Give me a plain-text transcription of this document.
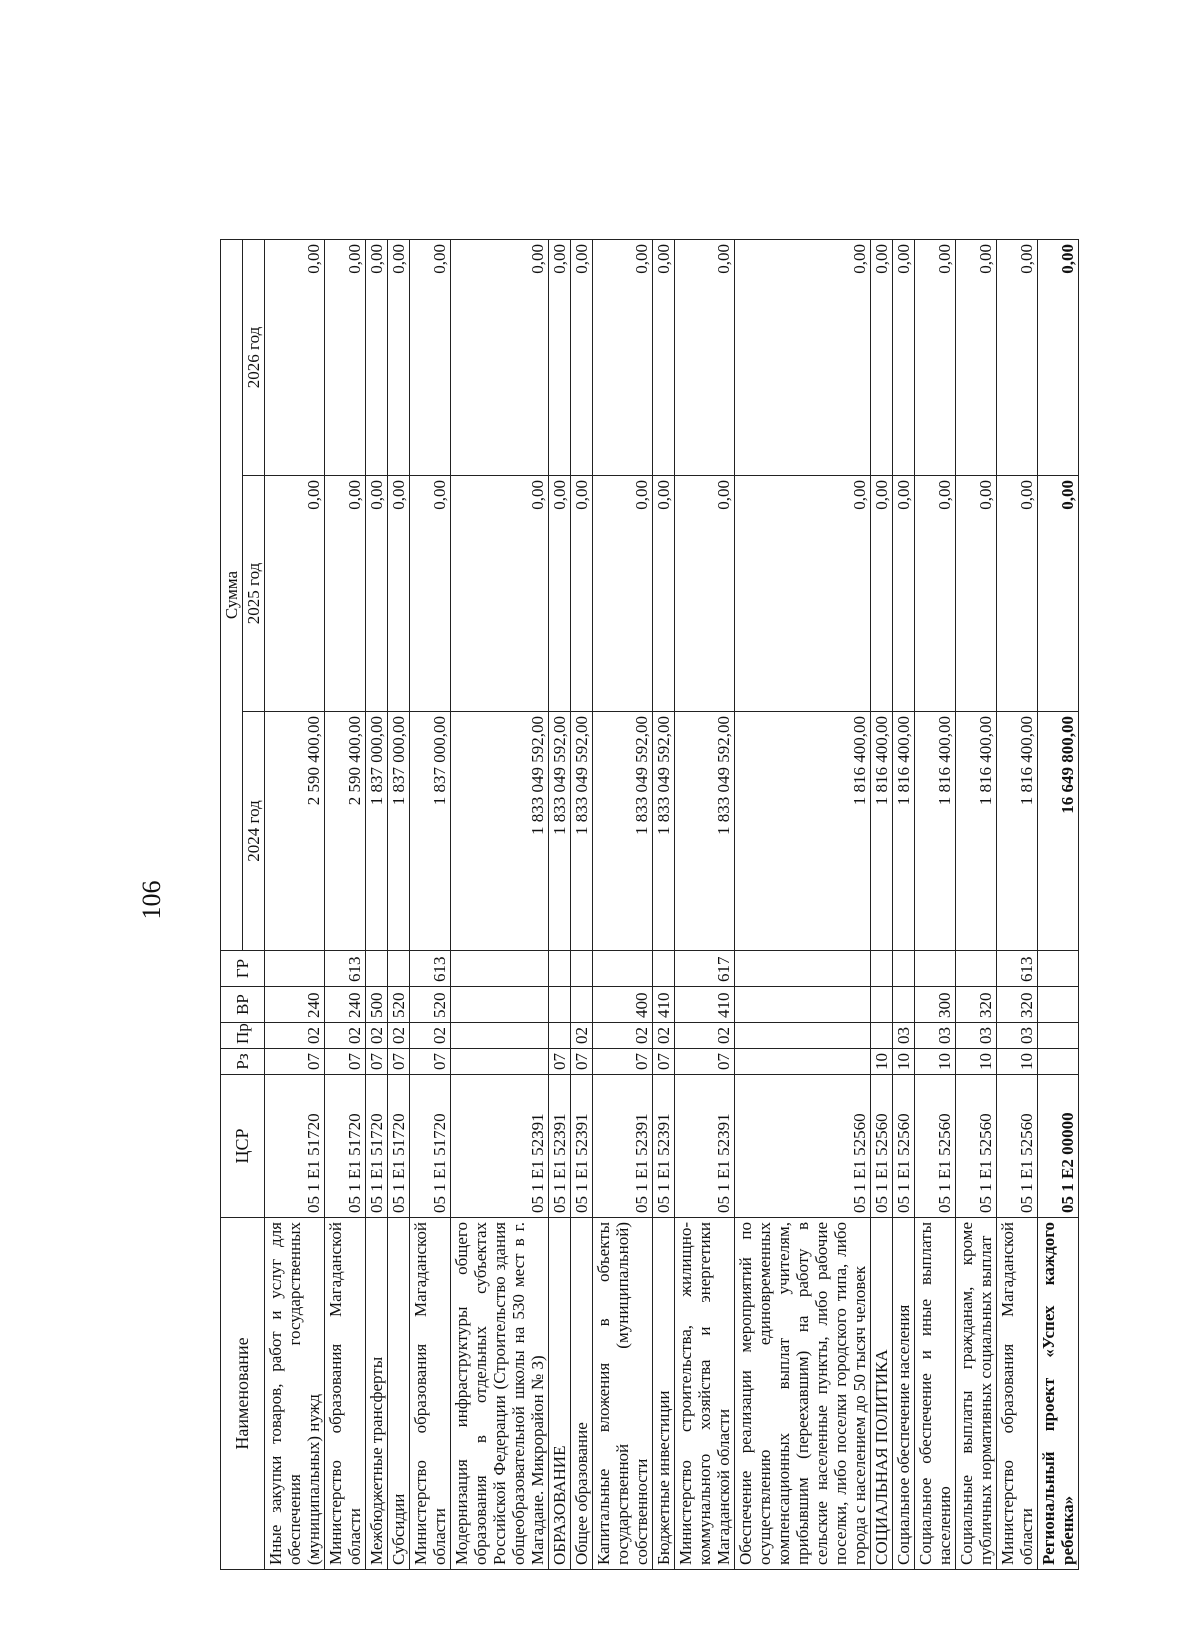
106
Наименование	ЦСР	Рз	Пр	ВР	ГР	Сумма		
						2024 год	2025 год	2026 год
Иные закупки товаров, работ и услуг для обеспечения государственных (муниципальных) нужд	05 1 Е1 51720	07	02	240		2 590 400,00	0,00	0,00
Министерство образования Магаданской области	05 1 Е1 51720	07	02	240	613	2 590 400,00	0,00	0,00
Межбюджетные трансферты	05 1 Е1 51720	07	02	500		1 837 000,00	0,00	0,00
Субсидии	05 1 Е1 51720	07	02	520		1 837 000,00	0,00	0,00
Министерство образования Магаданской области	05 1 Е1 51720	07	02	520	613	1 837 000,00	0,00	0,00
Модернизация инфраструктуры общего образования в отдельных субъектах Российской Федерации (Строительство здания общеобразовательной школы на 530 мест в г. Магадане. Микрорайон № 3)	05 1 Е1 52391					1 833 049 592,00	0,00	0,00
ОБРАЗОВАНИЕ	05 1 Е1 52391	07				1 833 049 592,00	0,00	0,00
Общее образование	05 1 Е1 52391	07	02			1 833 049 592,00	0,00	0,00
Капитальные вложения в объекты государственной (муниципальной) собственности	05 1 Е1 52391	07	02	400		1 833 049 592,00	0,00	0,00
Бюджетные инвестиции	05 1 Е1 52391	07	02	410		1 833 049 592,00	0,00	0,00
Министерство строительства, жилищно-коммунального хозяйства и энергетики Магаданской области	05 1 Е1 52391	07	02	410	617	1 833 049 592,00	0,00	0,00
Обеспечение реализации мероприятий по осуществлению единовременных компенсационных выплат учителям, прибывшим (переехавшим) на работу в сельские населенные пункты, либо рабочие поселки, либо поселки городского типа, либо города с населением до 50 тысяч человек	05 1 Е1 52560					1 816 400,00	0,00	0,00
СОЦИАЛЬНАЯ ПОЛИТИКА	05 1 Е1 52560	10				1 816 400,00	0,00	0,00
Социальное обеспечение населения	05 1 Е1 52560	10	03			1 816 400,00	0,00	0,00
Социальное обеспечение и иные выплаты населению	05 1 Е1 52560	10	03	300		1 816 400,00	0,00	0,00
Социальные выплаты гражданам, кроме публичных нормативных социальных выплат	05 1 Е1 52560	10	03	320		1 816 400,00	0,00	0,00
Министерство образования Магаданской области	05 1 Е1 52560	10	03	320	613	1 816 400,00	0,00	0,00
Региональный проект «Успех каждого ребенка»	05 1 Е2 00000					16 649 800,00	0,00	0,00
